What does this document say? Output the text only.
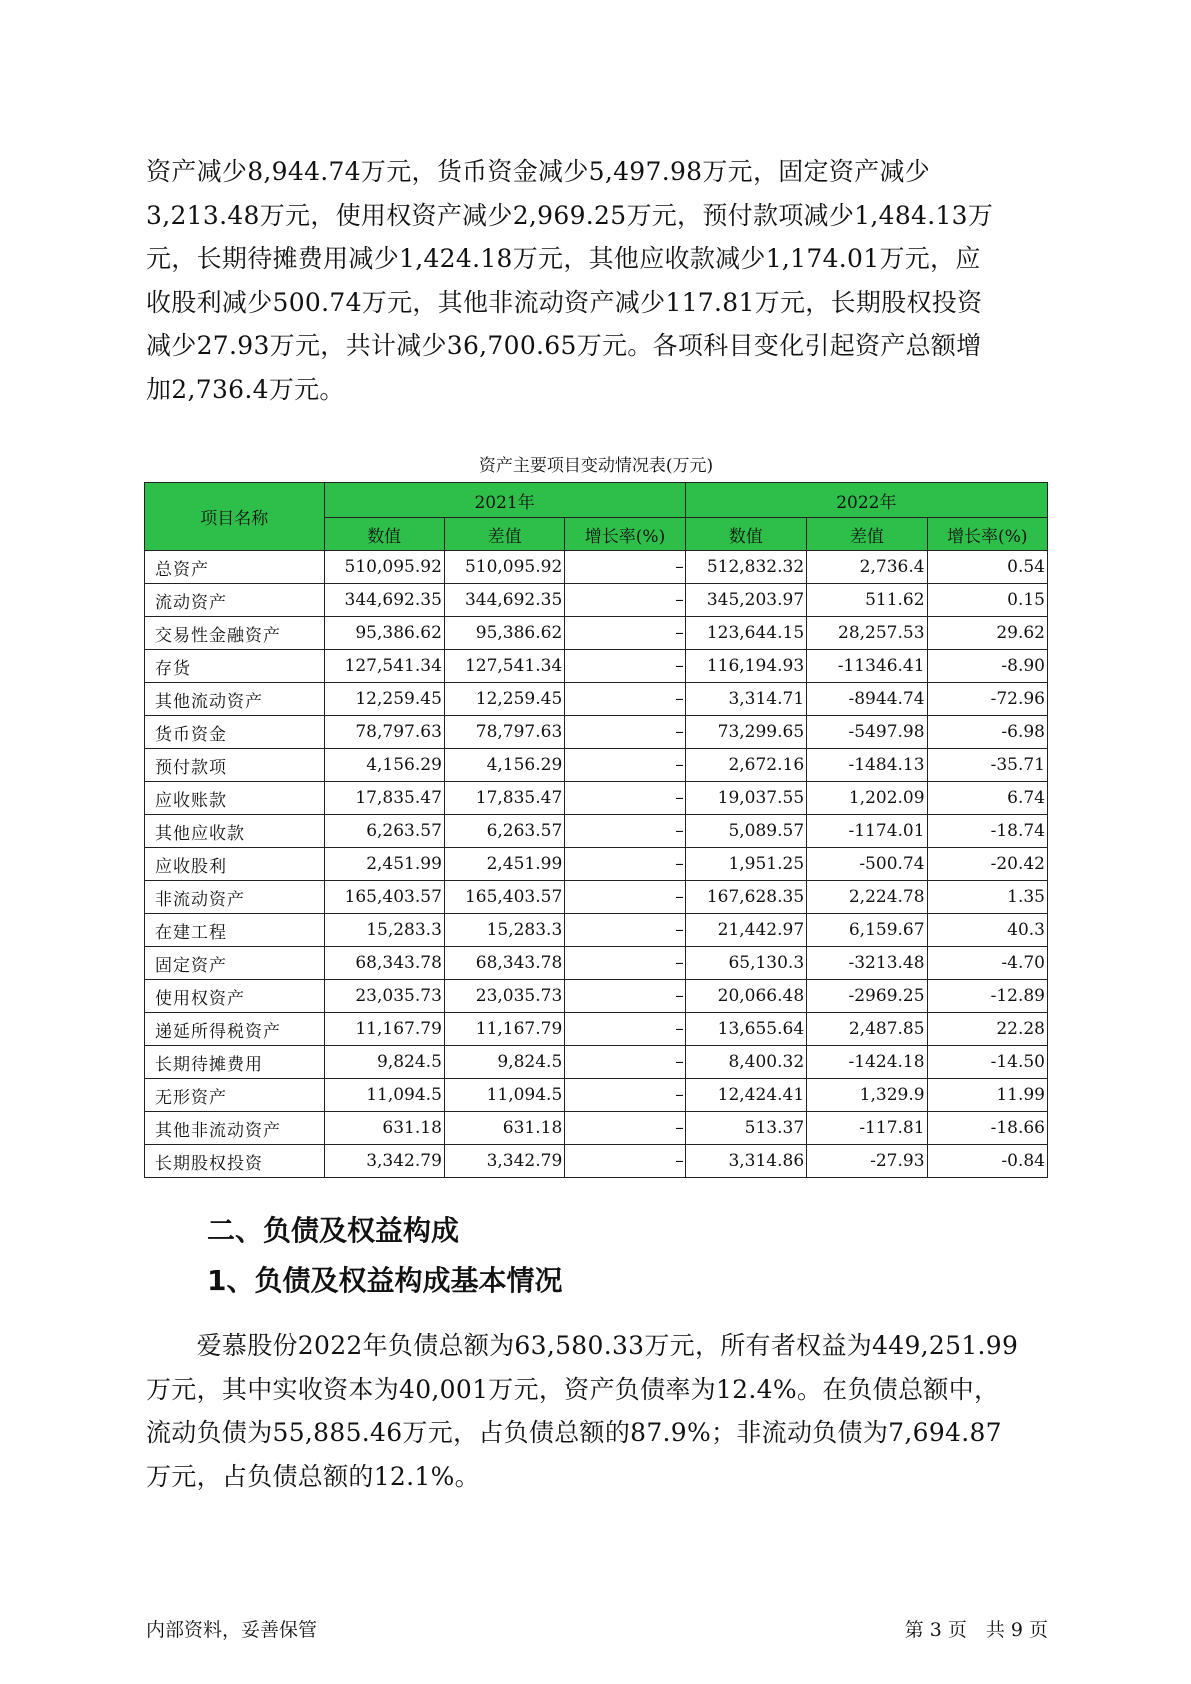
资产减少8,944.74万元，货币资金减少5,497.98万元，固定资产减少
3,213.48万元，使用权资产减少2,969.25万元，预付款项减少1,484.13万
元，长期待摊费用减少1,424.18万元，其他应收款减少1,174.01万元，应
收股利减少500.74万元，其他非流动资产减少117.81万元，长期股权投资
减少27.93万元，共计减少36,700.65万元。各项科目变化引起资产总额增
加2,736.4万元。
资产主要项目变动情况表(万元)
项目名称	2021年			2022年		
	数值	差值	增长率(%)	数值	差值	增长率(%)
总资产	510,095.92	510,095.92	–	512,832.32	2,736.4	0.54
流动资产	344,692.35	344,692.35	–	345,203.97	511.62	0.15
交易性金融资产	95,386.62	95,386.62	–	123,644.15	28,257.53	29.62
存货	127,541.34	127,541.34	–	116,194.93	-11346.41	-8.90
其他流动资产	12,259.45	12,259.45	–	3,314.71	-8944.74	-72.96
货币资金	78,797.63	78,797.63	–	73,299.65	-5497.98	-6.98
预付款项	4,156.29	4,156.29	–	2,672.16	-1484.13	-35.71
应收账款	17,835.47	17,835.47	–	19,037.55	1,202.09	6.74
其他应收款	6,263.57	6,263.57	–	5,089.57	-1174.01	-18.74
应收股利	2,451.99	2,451.99	–	1,951.25	-500.74	-20.42
非流动资产	165,403.57	165,403.57	–	167,628.35	2,224.78	1.35
在建工程	15,283.3	15,283.3	–	21,442.97	6,159.67	40.3
固定资产	68,343.78	68,343.78	–	65,130.3	-3213.48	-4.70
使用权资产	23,035.73	23,035.73	–	20,066.48	-2969.25	-12.89
递延所得税资产	11,167.79	11,167.79	–	13,655.64	2,487.85	22.28
长期待摊费用	9,824.5	9,824.5	–	8,400.32	-1424.18	-14.50
无形资产	11,094.5	11,094.5	–	12,424.41	1,329.9	11.99
其他非流动资产	631.18	631.18	–	513.37	-117.81	-18.66
长期股权投资	3,342.79	3,342.79	–	3,314.86	-27.93	-0.84
二、负债及权益构成
1、负债及权益构成基本情况
　　爱慕股份2022年负债总额为63,580.33万元，所有者权益为449,251.99
万元，其中实收资本为40,001万元，资产负债率为12.4%。在负债总额中，
流动负债为55,885.46万元，占负债总额的87.9%；非流动负债为7,694.87
万元，占负债总额的12.1%。
内部资料，妥善保管	第 3 页　共 9 页
